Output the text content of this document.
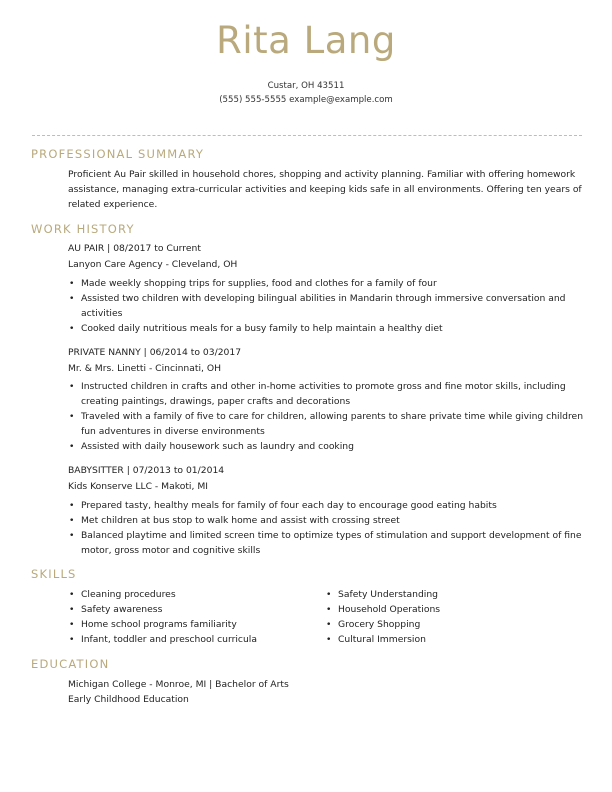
Rita Lang
Custar, OH 43511
(555) 555-5555 example@example.com
PROFESSIONAL SUMMARY
Proficient Au Pair skilled in household chores, shopping and activity planning. Familiar with offering homework assistance, managing extra-curricular activities and keeping kids safe in all environments. Offering ten years of related experience.
WORK HISTORY
AU PAIR | 08/2017 to Current
Lanyon Care Agency - Cleveland, OH
• Made weekly shopping trips for supplies, food and clothes for a family of four
• Assisted two children with developing bilingual abilities in Mandarin through immersive conversation and activities
• Cooked daily nutritious meals for a busy family to help maintain a healthy diet
PRIVATE NANNY | 06/2014 to 03/2017
Mr. & Mrs. Linetti - Cincinnati, OH
• Instructed children in crafts and other in-home activities to promote gross and fine motor skills, including creating paintings, drawings, paper crafts and decorations
• Traveled with a family of five to care for children, allowing parents to share private time while giving children fun adventures in diverse environments
• Assisted with daily housework such as laundry and cooking
BABYSITTER | 07/2013 to 01/2014
Kids Konserve LLC - Makoti, MI
• Prepared tasty, healthy meals for family of four each day to encourage good eating habits
• Met children at bus stop to walk home and assist with crossing street
• Balanced playtime and limited screen time to optimize types of stimulation and support development of fine motor, gross motor and cognitive skills
SKILLS
• Cleaning procedures
• Safety awareness
• Home school programs familiarity
• Infant, toddler and preschool curricula
• Safety Understanding
• Household Operations
• Grocery Shopping
• Cultural Immersion
EDUCATION
Michigan College - Monroe, MI | Bachelor of Arts
Early Childhood Education
